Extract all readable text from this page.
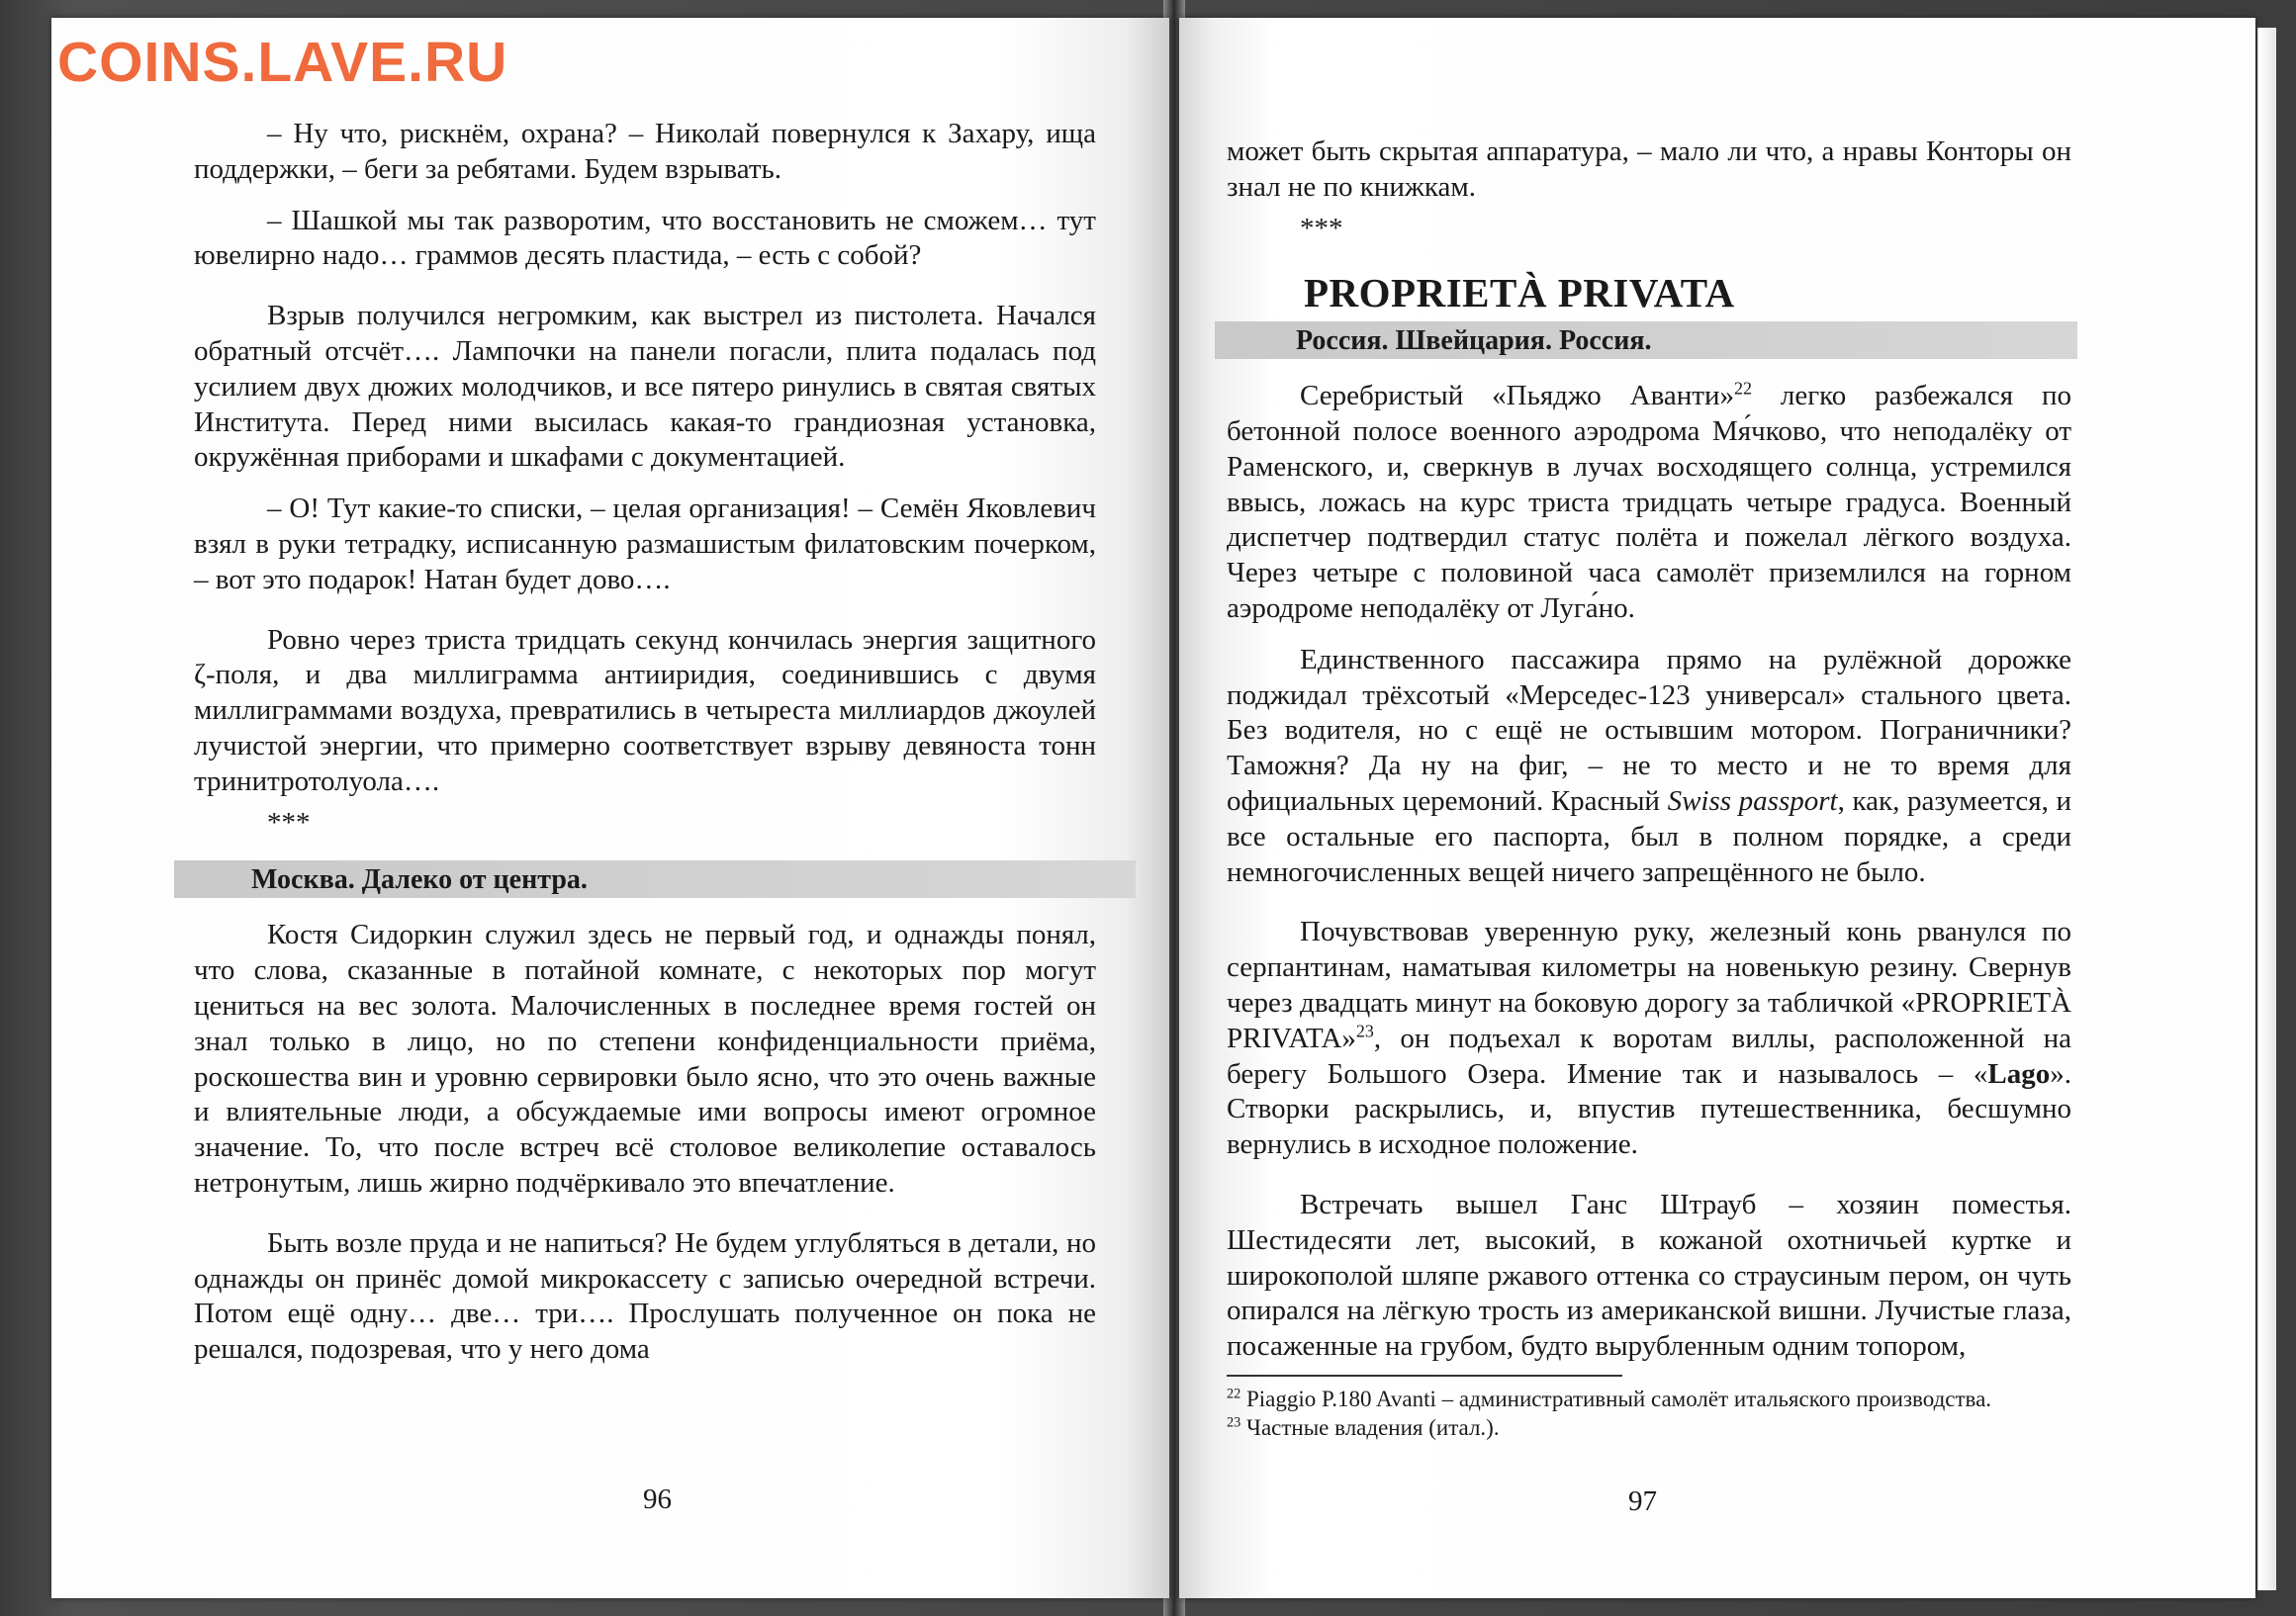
COINS.LAVE.RU

– Ну что, рискнём, охрана? – Николай повернулся к Захару, ища поддержки, – беги за ребятами. Будем взрывать.

– Шашкой мы так разворотим, что восстановить не сможем… тут ювелирно надо… граммов десять пластида, – есть с собой?

Взрыв получился негромким, как выстрел из пистолета. Начался обратный отсчёт…. Лампочки на панели погасли, плита подалась под усилием двух дюжих молодчиков, и все пятеро ринулись в святая святых Института. Перед ними высилась какая-то грандиозная установка, окружённая приборами и шкафами с документацией.

– О! Тут какие-то списки, – целая организация! – Семён Яковлевич взял в руки тетрадку, исписанную размашистым филатовским почерком, – вот это подарок! Натан будет дово….

Ровно через триста тридцать секунд кончилась энергия защитного ζ-поля, и два миллиграмма антииридия, соединившись с двумя миллиграммами воздуха, превратились в четыреста миллиардов джоулей лучистой энергии, что примерно соответствует взрыву девяноста тонн тринитротолуола….

***

Москва. Далеко от центра.

Костя Сидоркин служил здесь не первый год, и однажды понял, что слова, сказанные в потайной комнате, с некоторых пор могут цениться на вес золота. Малочисленных в последнее время гостей он знал только в лицо, но по степени конфиденциальности приёма, роскошества вин и уровню сервировки было ясно, что это очень важные и влиятельные люди, а обсуждаемые ими вопросы имеют огромное значение. То, что после встреч всё столовое великолепие оставалось нетронутым, лишь жирно подчёркивало это впечатление.

Быть возле пруда и не напиться? Не будем углубляться в детали, но однажды он принёс домой микрокассету с записью очередной встречи. Потом ещё одну… две… три…. Прослушать полученное он пока не решался, подозревая, что у него дома

96

может быть скрытая аппаратура, – мало ли что, а нравы Конторы он знал не по книжкам.

***

PROPRIETÀ PRIVATA
Россия. Швейцария. Россия.

Серебристый «Пьяджо Аванти»$^{22}$ легко разбежался по бетонной полосе военного аэродрома Мя́чково, что неподалёку от Раменского, и, сверкнув в лучах восходящего солнца, устремился ввысь, ложась на курс триста тридцать четыре градуса. Военный диспетчер подтвердил статус полёта и пожелал лёгкого воздуха. Через четыре с половиной часа самолёт приземлился на горном аэродроме неподалёку от Луга́но.

Единственного пассажира прямо на рулёжной дорожке поджидал трёхсотый «Мерседес-123 универсал» стального цвета. Без водителя, но с ещё не остывшим мотором. Пограничники? Таможня? Да ну на фиг, – не то место и не то время для официальных церемоний. Красный Swiss passport, как, разумеется, и все остальные его паспорта, был в полном порядке, а среди немногочисленных вещей ничего запрещённого не было.

Почувствовав уверенную руку, железный конь рванулся по серпантинам, наматывая километры на новенькую резину. Свернув через двадцать минут на боковую дорогу за табличкой «PROPRIETÀ PRIVATA»$^{23}$, он подъехал к воротам виллы, расположенной на берегу Большого Озера. Имение так и называлось – «Lago». Створки раскрылись, и, впустив путешественника, бесшумно вернулись в исходное положение.

Встречать вышел Ганс Штрауб – хозяин поместья. Шестидесяти лет, высокий, в кожаной охотничьей куртке и широкополой шляпе ржавого оттенка со страусиным пером, он чуть опирался на лёгкую трость из американской вишни. Лучистые глаза, посаженные на грубом, будто вырубленным одним топором,

$^{22}$ Piaggio P.180 Avanti – административный самолёт итальяского производства.

$^{23}$ Частные владения (итал.).

97
